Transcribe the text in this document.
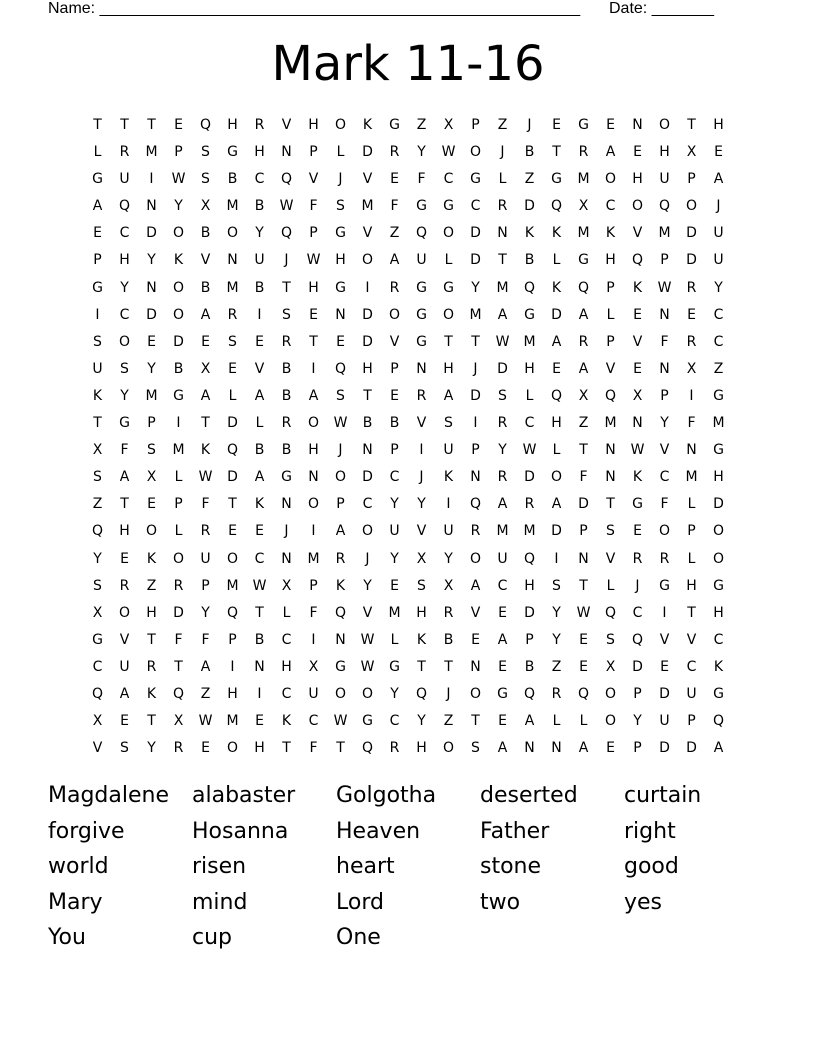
Name: ______________________________________________________ Date: _______
Mark 11-16
T	T	T	E	Q	H	R	V	H	O	K	G	Z	X	P	Z	J	E	G	E	N	O	T	H
L	R	M	P	S	G	H	N	P	L	D	R	Y	W	O	J	B	T	R	A	E	H	X	E
G	U	I	W	S	B	C	Q	V	J	V	E	F	C	G	L	Z	G	M	O	H	U	P	A
A	Q	N	Y	X	M	B	W	F	S	M	F	G	G	C	R	D	Q	X	C	O	Q	O	J
E	C	D	O	B	O	Y	Q	P	G	V	Z	Q	O	D	N	K	K	M	K	V	M	D	U
P	H	Y	K	V	N	U	J	W	H	O	A	U	L	D	T	B	L	G	H	Q	P	D	U
G	Y	N	O	B	M	B	T	H	G	I	R	G	G	Y	M	Q	K	Q	P	K	W	R	Y
I	C	D	O	A	R	I	S	E	N	D	O	G	O	M	A	G	D	A	L	E	N	E	C
S	O	E	D	E	S	E	R	T	E	D	V	G	T	T	W	M	A	R	P	V	F	R	C
U	S	Y	B	X	E	V	B	I	Q	H	P	N	H	J	D	H	E	A	V	E	N	X	Z
K	Y	M	G	A	L	A	B	A	S	T	E	R	A	D	S	L	Q	X	Q	X	P	I	G
T	G	P	I	T	D	L	R	O	W	B	B	V	S	I	R	C	H	Z	M	N	Y	F	M
X	F	S	M	K	Q	B	B	H	J	N	P	I	U	P	Y	W	L	T	N	W	V	N	G
S	A	X	L	W	D	A	G	N	O	D	C	J	K	N	R	D	O	F	N	K	C	M	H
Z	T	E	P	F	T	K	N	O	P	C	Y	Y	I	Q	A	R	A	D	T	G	F	L	D
Q	H	O	L	R	E	E	J	I	A	O	U	V	U	R	M	M	D	P	S	E	O	P	O
Y	E	K	O	U	O	C	N	M	R	J	Y	X	Y	O	U	Q	I	N	V	R	R	L	O
S	R	Z	R	P	M	W	X	P	K	Y	E	S	X	A	C	H	S	T	L	J	G	H	G
X	O	H	D	Y	Q	T	L	F	Q	V	M	H	R	V	E	D	Y	W	Q	C	I	T	H
G	V	T	F	F	P	B	C	I	N	W	L	K	B	E	A	P	Y	E	S	Q	V	V	C
C	U	R	T	A	I	N	H	X	G	W	G	T	T	N	E	B	Z	E	X	D	E	C	K
Q	A	K	Q	Z	H	I	C	U	O	O	Y	Q	J	O	G	Q	R	Q	O	P	D	U	G
X	E	T	X	W	M	E	K	C	W	G	C	Y	Z	T	E	A	L	L	O	Y	U	P	Q
V	S	Y	R	E	O	H	T	F	T	Q	R	H	O	S	A	N	N	A	E	P	D	D	A
Magdalene	alabaster	Golgotha	deserted	curtain
forgive	Hosanna	Heaven	Father	right
world	risen	heart	stone	good
Mary	mind	Lord	two	yes
You	cup	One
